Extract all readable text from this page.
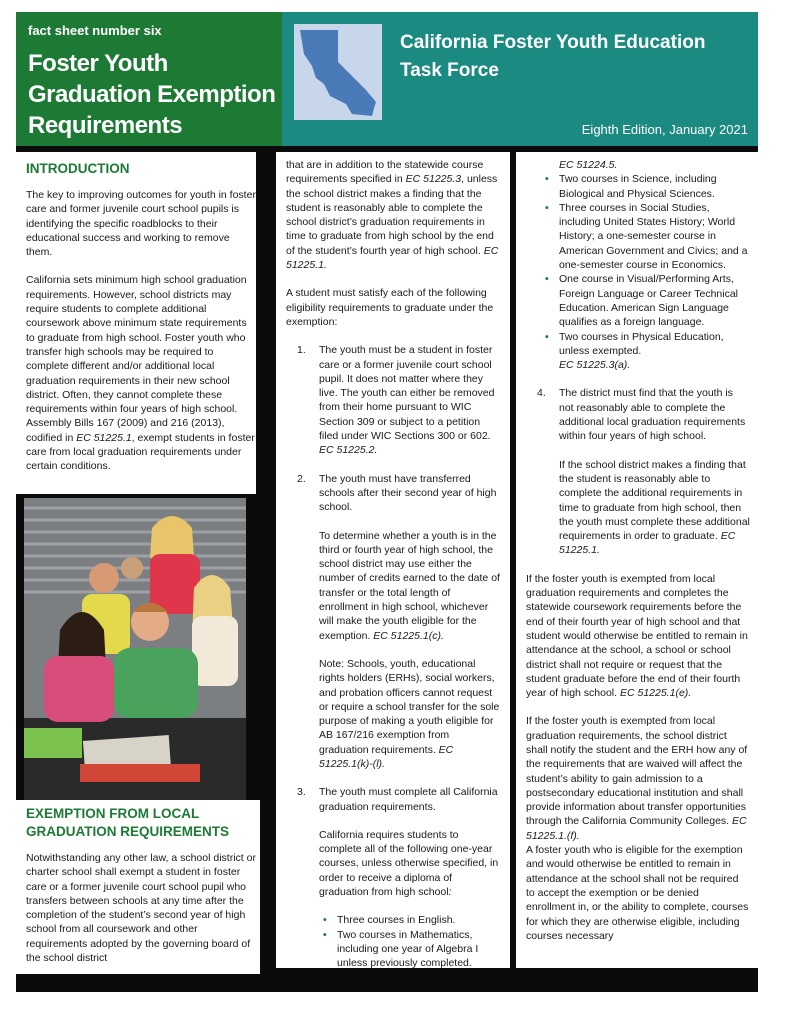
fact sheet number six
Foster Youth
Graduation Exemption
Requirements
California Foster Youth Education
Task Force
Eighth Edition, January 2021
INTRODUCTION

The key to improving outcomes for youth in foster care and former juvenile court school pupils is identifying the specific roadblocks to their educational success and working to remove them.

California sets minimum high school graduation requirements. However, school districts may require students to complete additional coursework above minimum state requirements to graduate from high school. Foster youth who transfer high schools may be required to complete different and/or additional local graduation requirements in their new school district. Often, they cannot complete these requirements within four years of high school. Assembly Bills 167 (2009) and 216 (2013), codified in EC 51225.1, exempt students in foster care from local graduation requirements under certain conditions.

EXEMPTION FROM LOCAL
GRADUATION REQUIREMENTS

Notwithstanding any other law, a school district or charter school shall exempt a student in foster care or a former juvenile court school pupil who transfers between schools at any time after the completion of the student’s second year of high school from all coursework and other requirements adopted by the governing board of the school district

that are in addition to the statewide course requirements specified in EC 51225.3, unless the school district makes a finding that the student is reasonably able to complete the school district’s graduation requirements in time to graduate from high school by the end of the student’s fourth year of high school. EC 51225.1.

A student must satisfy each of the following eligibility requirements to graduate under the exemption:

1. The youth must be a student in foster care or a former juvenile court school pupil. It does not matter where they live. The youth can either be removed from their home pursuant to WIC Section 309 or subject to a petition filed under WIC Sections 300 or 602. EC 51225.2.

2. The youth must have transferred schools after their second year of high school.

To determine whether a youth is in the third or fourth year of high school, the school district may use either the number of credits earned to the date of transfer or the total length of enrollment in high school, whichever will make the youth eligible for the exemption. EC 51225.1(c).

Note: Schools, youth, educational rights holders (ERHs), social workers, and probation officers cannot request or require a school transfer for the sole purpose of making a youth eligible for AB 167/216 exemption from graduation requirements. EC 51225.1(k)-(l).

3. The youth must complete all California graduation requirements.

California requires students to complete all of the following one-year courses, unless otherwise specified, in order to receive a diploma of graduation from high school:

• Three courses in English.
• Two courses in Mathematics, including one year of Algebra I unless previously completed.
EC 51224.5.
• Two courses in Science, including Biological and Physical Sciences.
• Three courses in Social Studies, including United States History; World History; a one-semester course in American Government and Civics; and a one-semester course in Economics.
• One course in Visual/Performing Arts, Foreign Language or Career Technical Education. American Sign Language qualifies as a foreign language.
• Two courses in Physical Education, unless exempted.
EC 51225.3(a).
4. The district must find that the youth is not reasonably able to complete the additional local graduation requirements within four years of high school.

If the school district makes a finding that the student is reasonably able to complete the additional requirements in time to graduate from high school, then the youth must complete these additional requirements in order to graduate. EC 51225.1.

If the foster youth is exempted from local graduation requirements and completes the statewide coursework requirements before the end of their fourth year of high school and that student would otherwise be entitled to remain in attendance at the school, a school or school district shall not require or request that the student graduate before the end of their fourth year of high school. EC 51225.1(e).

If the foster youth is exempted from local graduation requirements, the school district shall notify the student and the ERH how any of the requirements that are waived will affect the student’s ability to gain admission to a postsecondary educational institution and shall provide information about transfer opportunities through the California Community Colleges. EC 51225.1.(f).

A foster youth who is eligible for the exemption and would otherwise be entitled to remain in attendance at the school shall not be required to accept the exemption or be denied enrollment in, or the ability to complete, courses for which they are otherwise eligible, including courses necessary
